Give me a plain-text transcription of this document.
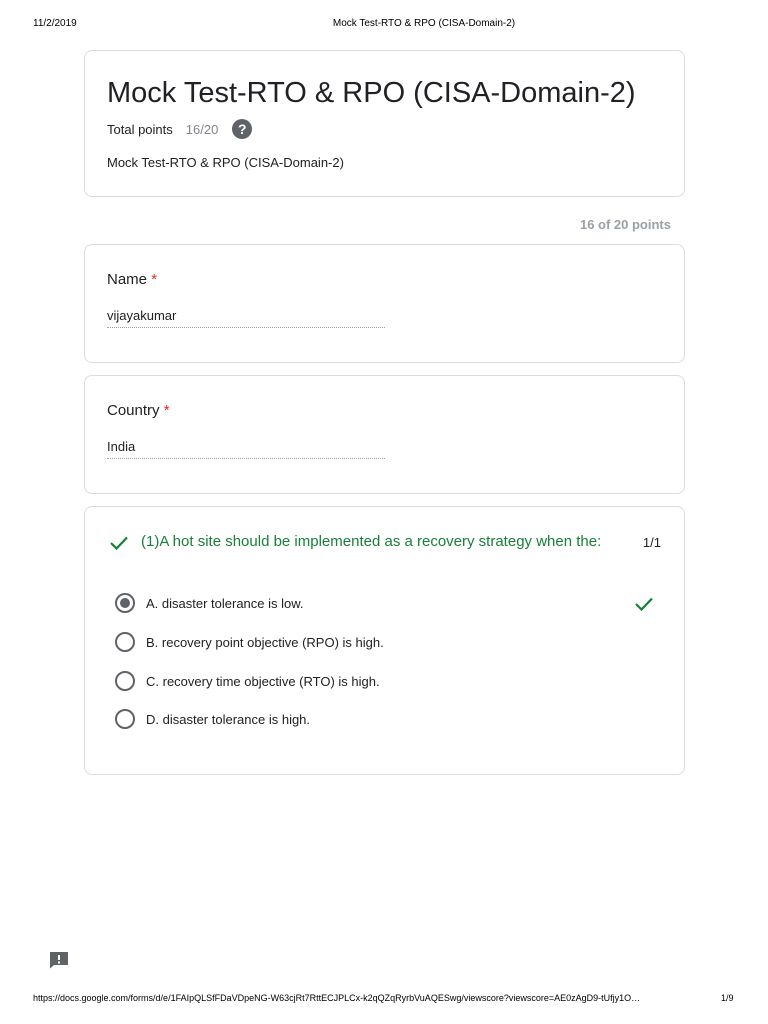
11/2/2019	Mock Test-RTO & RPO (CISA-Domain-2)
Mock Test-RTO & RPO (CISA-Domain-2)
Total points 16/20	?
Mock Test-RTO & RPO (CISA-Domain-2)
16 of 20 points
Name *
vijayakumar
Country *
India
(1)A hot site should be implemented as a recovery strategy when the:	1/1
A. disaster tolerance is low.
B. recovery point objective (RPO) is high.
C. recovery time objective (RTO) is high.
D. disaster tolerance is high.
https://docs.google.com/forms/d/e/1FAIpQLSfFDaVDpeNG-W63cjRt7RttECJPLCx-k2qQZqRyrbVuAQESwg/viewscore?viewscore=AE0zAgD9-tUfjy1O…	1/9
